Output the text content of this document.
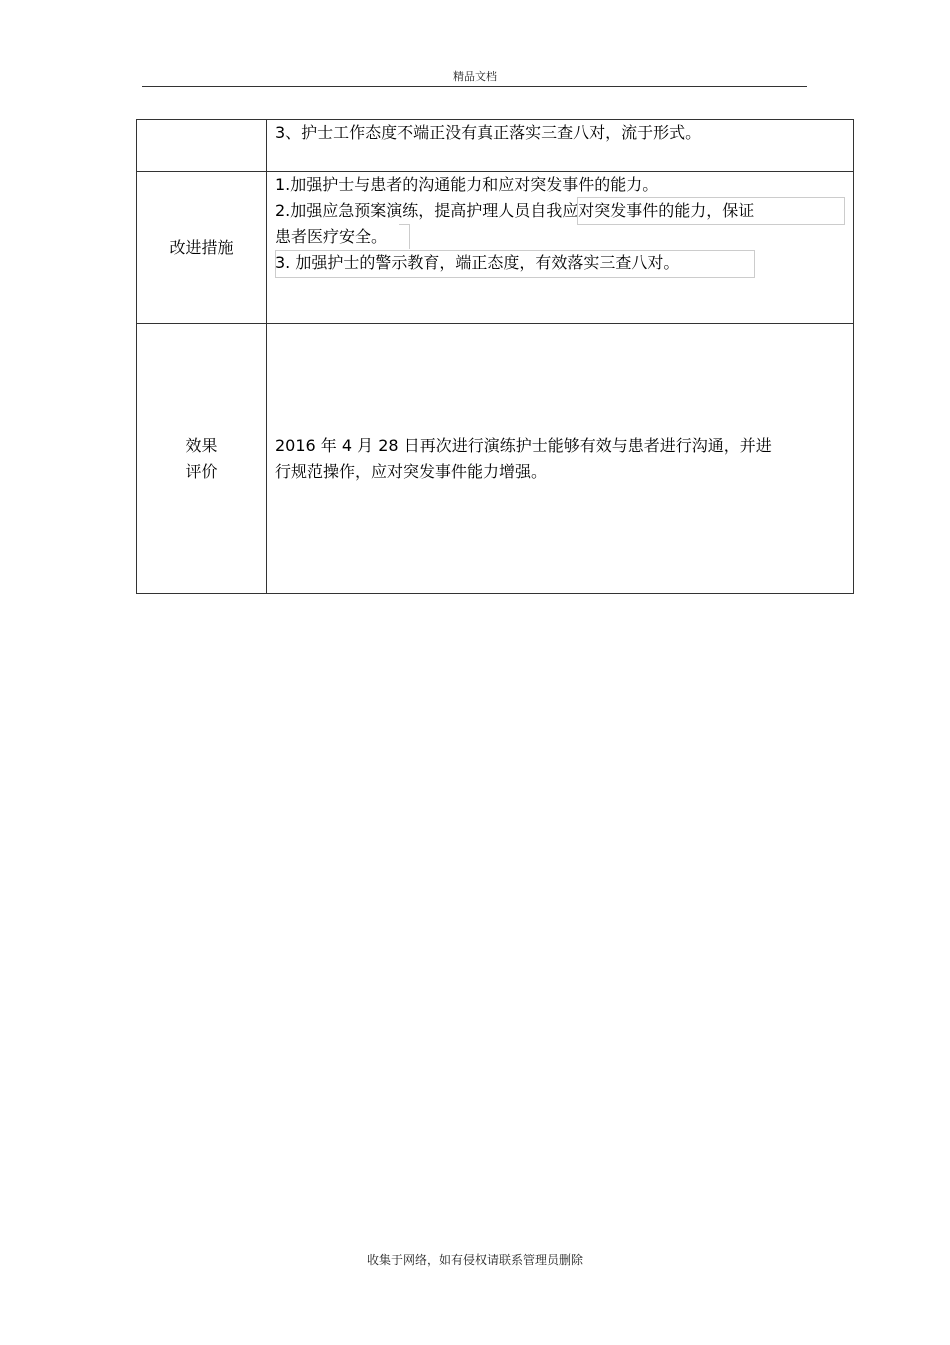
精品文档

	3、护士工作态度不端正没有真正落实三查八对，流于形式。

改进措施	1.加强护士与患者的沟通能力和应对突发事件的能力。
2.加强应急预案演练，提高护理人员自我应对突发事件的能力，保证
患者医疗安全。
3. 加强护士的警示教育，端正态度，有效落实三查八对。

效果
评价	2016 年 4 月 28 日再次进行演练护士能够有效与患者进行沟通，并进
行规范操作，应对突发事件能力增强。
收集于网络，如有侵权请联系管理员删除
